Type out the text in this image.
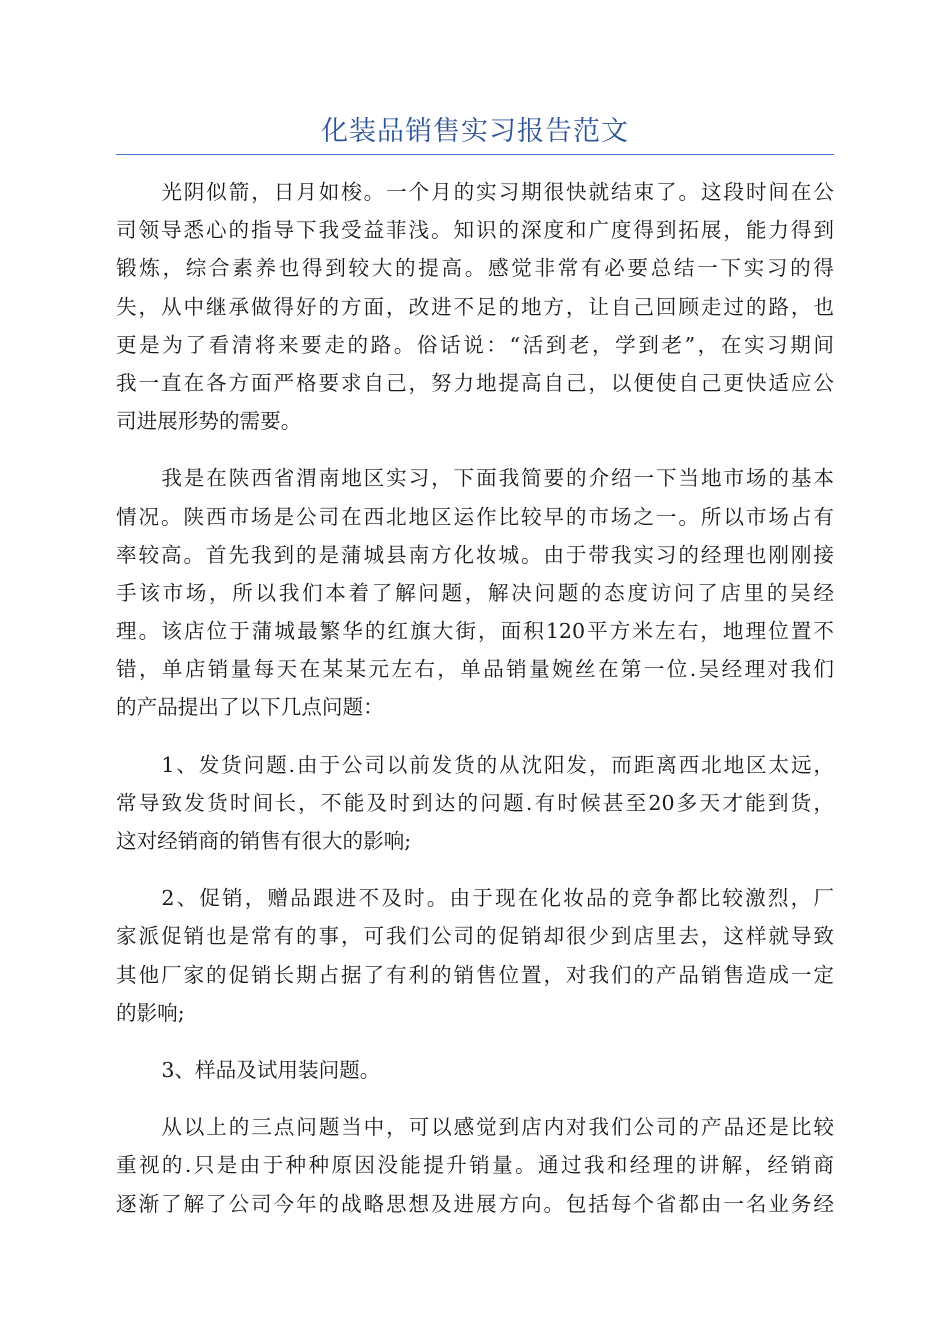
化装品销售实习报告范文
光阴似箭，日月如梭。一个月的实习期很快就结束了。这段时间在公
司领导悉心的指导下我受益菲浅。知识的深度和广度得到拓展，能力得到
锻炼，综合素养也得到较大的提高。感觉非常有必要总结一下实习的得
失，从中继承做得好的方面，改进不足的地方，让自己回顾走过的路，也
更是为了看清将来要走的路。俗话说：“活到老，学到老”，在实习期间
我一直在各方面严格要求自己，努力地提高自己，以便使自己更快适应公
司进展形势的需要。
我是在陕西省渭南地区实习，下面我简要的介绍一下当地市场的基本
情况。陕西市场是公司在西北地区运作比较早的市场之一。所以市场占有
率较高。首先我到的是蒲城县南方化妆城。由于带我实习的经理也刚刚接
手该市场，所以我们本着了解问题，解决问题的态度访问了店里的吴经
理。该店位于蒲城最繁华的红旗大街，面积120平方米左右，地理位置不
错，单店销量每天在某某元左右，单品销量婉丝在第一位.吴经理对我们
的产品提出了以下几点问题：
1、发货问题.由于公司以前发货的从沈阳发，而距离西北地区太远，
常导致发货时间长，不能及时到达的问题.有时候甚至20多天才能到货，
这对经销商的销售有很大的影响;
2、促销，赠品跟进不及时。由于现在化妆品的竞争都比较激烈，厂
家派促销也是常有的事，可我们公司的促销却很少到店里去，这样就导致
其他厂家的促销长期占据了有利的销售位置，对我们的产品销售造成一定
的影响;
3、样品及试用装问题。
从以上的三点问题当中，可以感觉到店内对我们公司的产品还是比较
重视的.只是由于种种原因没能提升销量。通过我和经理的讲解，经销商
逐渐了解了公司今年的战略思想及进展方向。包括每个省都由一名业务经
